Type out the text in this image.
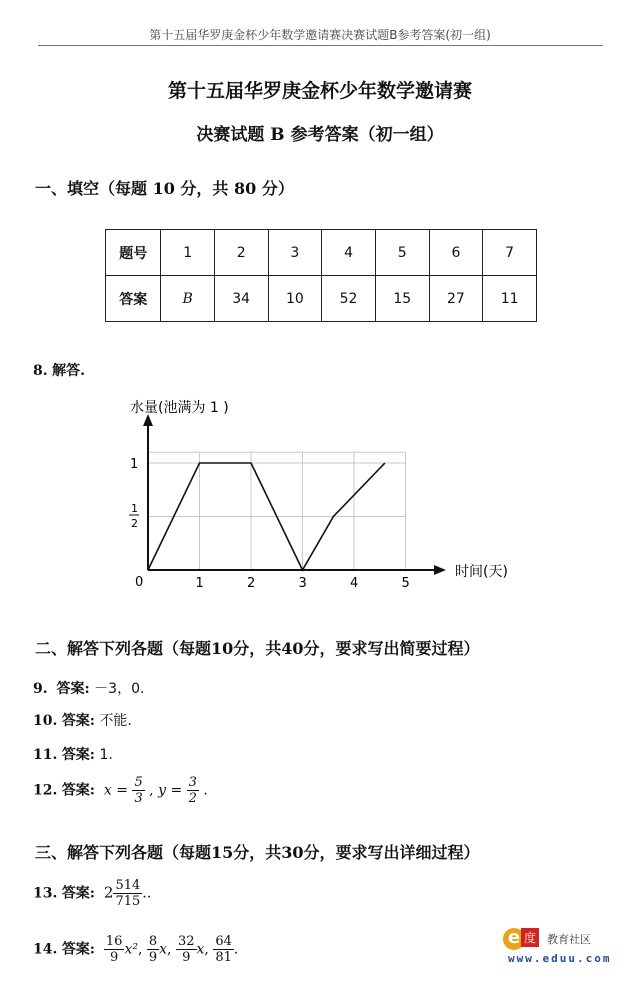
第十五届华罗庚金杯少年数学邀请赛决赛试题B参考答案(初一组)
第十五届华罗庚金杯少年数学邀请赛
决赛试题 B 参考答案（初一组）
一、填空（每题 10 分，共 80 分）
题号	1	2	3	4	5	6	7
答案	B	34	10	52	15	27	11
8. 解答.
1	2	3	4	5
水量(池满为 1 )
时间(天)
0
1
1
2
二、解答下列各题（每题10分，共40分，要求写出简要过程）
9. 答案: －3，0.
10. 答案: 不能.
11. 答案: 1.
12. 答案: $x = \frac{5}{3}$ , $y = \frac{3}{2}$ .
三、解答下列各题（每题15分，共30分，要求写出详细过程）
13. 答案: $2 \frac{514}{715}$ ..
14. 答案: $\frac{16}{9} x^2$, $\frac{8}{9} x$, $\frac{32}{9} x$, $\frac{64}{81}$ .
e 度 教育社区
www.eduu.com
